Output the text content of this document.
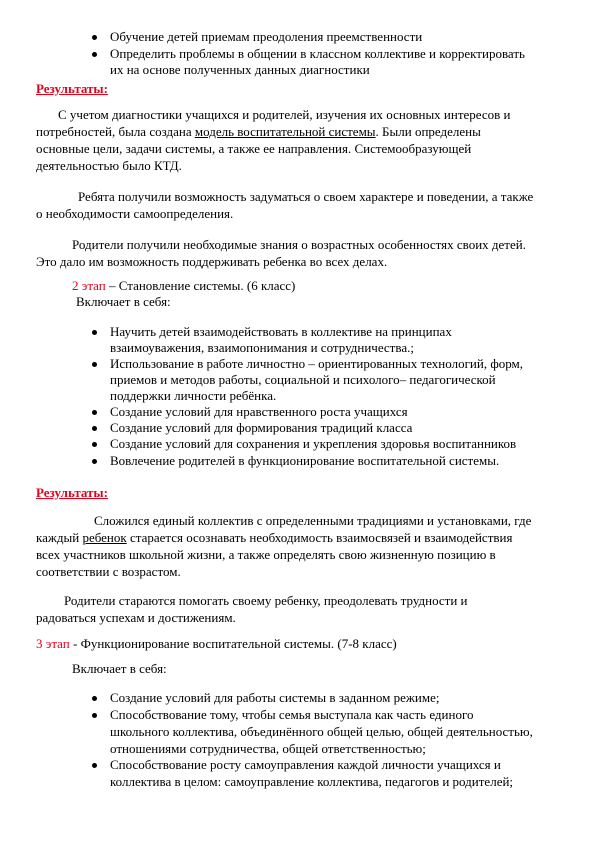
Обучение детей приемам преодоления преемственности
Определить проблемы в общении в классном коллективе и корректировать
их на основе полученных данных диагностики
Результаты:
С учетом диагностики учащихся и родителей, изучения их основных интересов и
потребностей, была создана модель воспитательной системы. Были определены
основные цели, задачи системы, а также ее направления. Системообразующей
деятельностью было КТД.
Ребята получили возможность задуматься о своем характере и поведении, а также
о необходимости самоопределения.
Родители получили необходимые знания о возрастных особенностях своих детей.
Это дало им возможность поддерживать ребенка во всех делах.
2 этап – Становление системы. (6 класс)
Включает в себя:
Научить детей взаимодействовать в коллективе на принципах
взаимоуважения, взаимопонимания и сотрудничества.;
Использование в работе личностно – ориентированных технологий, форм,
приемов и методов работы, социальной и психолого– педагогической
поддержки личности ребёнка.
Создание условий для нравственного роста учащихся
Создание условий для формирования традиций класса
Создание условий для сохранения и укрепления здоровья воспитанников
Вовлечение родителей в функционирование воспитательной системы.
Результаты:
Сложился единый коллектив с определенными традициями и установками, где
каждый ребенок старается осознавать необходимость взаимосвязей и взаимодействия
всех участников школьной жизни, а также определять свою жизненную позицию в
соответствии с возрастом.
Родители стараются помогать своему ребенку, преодолевать трудности и
радоваться успехам и достижениям.
3 этап - Функционирование воспитательной системы. (7-8 класс)
Включает в себя:
Создание условий для работы системы в заданном режиме;
Способствование тому, чтобы семья выступала как часть единого
школьного коллектива, объединённого общей целью, общей деятельностью,
отношениями сотрудничества, общей ответственностью;
Способствование росту самоуправления каждой личности учащихся и
коллектива в целом: самоуправление коллектива, педагогов и родителей;
